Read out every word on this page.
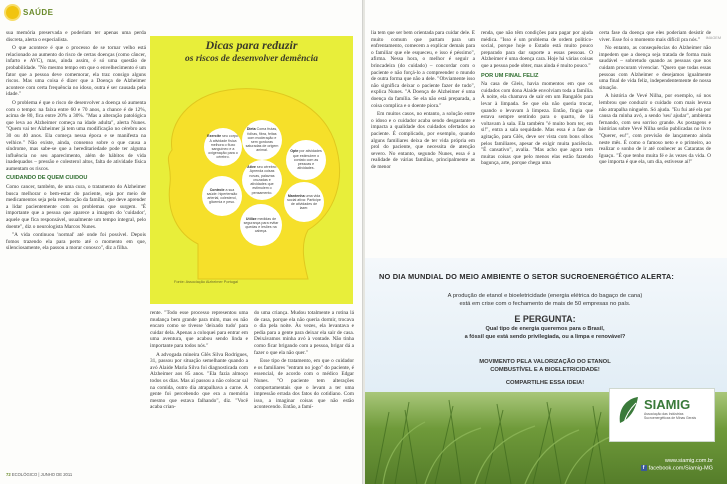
SAÚDE

sua memória preservada e poderiam ter apenas uma perda discreta, alerta o especialista.

O que acontece é que o processo de se tornar velho está relacionado ao aumento do risco de certas doenças (como câncer, infarto e AVC), mas, ainda assim, é só uma questão de probabilidade. "No mesmo tempo em que o envelhecimento é um fator que a pessoa deve comemorar, ela traz consigo alguns riscos. Mas uma coisa é dizer que a Doença de Alzheimer acontece com certa frequência no idoso, outra é ser causada pela idade."

O problema é que o risco de desenvolver a doença só aumenta com o tempo: na faixa entre 60 e 70 anos, a chance é de 12%, acima de 80, fica entre 20% a 30%. "Mas a alteração patológica que leva ao Alzheimer começa na idade adulta", alerta Nunes. "Quem vai ter Alzheimer já tem uma modificação no cérebro aos 30 ou 40 anos. Ela começa nessa época e se manifesta na velhice." Não existe, ainda, consenso sobre o que causa a síndrome, mas sabe-se que a hereditariedade pode ter alguma influência no seu aparecimento, além de hábitos de vida inadequados – pressão e colesterol altos, falta de atividade física aumentam os riscos.

CUIDANDO DE QUEM CUIDOU

Como cancer, também, de uma cura, o tratamento do Alzheimer busca melhorar o bem-estar do paciente, seja por meio de medicamentos seja pela reeducação da família, que deve aprender a lidar pacientemente com os problemas que surgem. "É importante que a pessoa que aparece a imagem do 'cuidador', aquele que fica responsável, usualmente um tempo integral, pelo doente", diz o neurologista Marcos Nunes.

"A vida continuou 'normal' até onde foi possível. Depois fomos trazendo ela para perto até o momento em que, silenciosamente, ela passou a morar conosco", diz a filha.

Dicas para reduzir
os riscos de desenvolver demência
Dieta Coma frutas, folhas, fibra, feitas com moderação e sem gorduras saturadas de origem animal.
Exercite seu corpo. A atividade física melhora o fluxo sanguíneo e a oxigenação para o cérebro.
Ative seu cérebro: Aprenda coisas novas, palavras cruzadas e atividades que estimulem o pensamento.
Opte por atividades que estimulem o contato com as pessoas e atividades.
Controle a sua saúde: hipertensão arterial, colesterol, glicemia e peso.
Mantenha uma vida social ativa: Participe de atividades de lazer.
Utilize medidas de segurança para evitar quedas e lesões na cabeça.
Fonte: Associação Alzheimer Portugal

rente. "Todo esse processo representou uma mudança bem grande para mim, mas eu não encaro como se tivesse 'deixado tudo' para cuidar dela. Apenas a coloquei para entrar em uma aventura, que acabou sendo linda e importante para todos nós."

A advogada mineira Glês Silva Rodrigues, 31, passou por situação semelhante quando a avó Alaide Maria Silva foi diagnosticada com Alzheimer aos 85 anos. "Ela fazia almoço todos os dias. Mas aí passou a não colocar sal na comida, outro dia atrapalhava a carne. A gente foi percebendo que era a memória mesmo que estava falhando", diz. "Você acaba crian-

do uma criança. Mudou totalmente a rotina lá de casa, porque ela não queria dormir, trocava o dia pela noite. Às vezes, ela levantava e pedia para a gente para deixar ela sair de casa. Deixávamos minha avó à vontade. Não tinha como ficar brigando com a pessoa, brigar dá a fazer o que ela não quer."

Esse tipo de tratamento, em que o cuidador e os familiares "entram no jogo" do paciente, é essencial, de acordo com o médico Edgar Nunes. "O paciente tem alterações comportamentais que o levam a ter uma impressão errada dos fatos do cotidiano. Com isso, a imaginar coisas que não estão acontecendo. Então, a famí-

72 ECOLÓGICO | JUNHO DE 2011
IMAGEM

lia tem que ser bem orientada para cuidar dele. É muito comum que partam para um enfrentamento, comecem a explicar demais para o familiar que ele esqueceu, e isso é péssimo", afirma. Nessa hora, o melhor é seguir a brincadeira (do cuidado) – concordar com o paciente e não forçá-lo a compreender o mundo de outra forma que não a dele. "Obviamente isso não significa deixar o paciente fazer de tudo", explica Nunes. "A Doença de Alzheimer é uma doença da família. Se ela não está preparada, a coisa complica e o doente piora."

Em muitos casos, no entanto, a solução entre o idoso e o cuidador acaba sendo desgastante e impacta a qualidade dos cuidados ofertados ao paciente. É complicado, por exemplo, quando alguns familiares deixa de ter vida própria em prol do paciente, que necessita de atenção severo. No entanto, segundo Nunes, essa é a realidade de várias famílias, principalmente as de menor

renda, que não têm condições para pagar por ajuda médica. "Isso é um problema de ordem político-social, porque hoje o Estado está muito pouco preparado para dar suporte a essas pessoas. O Alzheimer é uma doença cara. Hoje há várias coisas que a pessoa pode obter, mas ainda é muito pouco."

POR UM FINAL FELIZ

Na casa de Gleis, havia momentos em que os cuidados com dona Alaide envolviam toda a família. À noite, ela chamava de sair em um Bangalôs para levar à limpada. Se que ela não queria trocar, quando o levavam à limpeza. Então, fingia que estava sempre sentindo para o quarto, de lá voltavam à sala. Ela também "é muito bom ter, em si!", entra a sala sequidade. Mas essa é a fase de agitação, para Glês, deve ser vista com bons olhos pelos familiares, apesar de exigir muita paciência. "É cansativo", avalia. "Mas acho que agora tem muitas coisas que pelo menos elas estão fazendo bagunça, arte, porque chega uma

certa fase da doença que eles poderiam desistir de viver. Esse foi o momento mais difícil pra nós."

No entanto, as consequências do Alzheimer não impedem que a doença seja tratada de forma mais saudável – sobretudo quando as pessoas que nos cuidam procuram vivenciar. "Quero que todas essas pessoas com Alzheimer e desejamos igualmente uma final de vida feliz, independentemente de nossa situação.

A história de Vevé Nilha, por exemplo, só nos lembrou que conduzir o cuidado com mais leveza não atrapalha ninguém. Só ajuda. "Eu fui até ela por causa da minha avó, a sendo 'seu' ajudar", ambienta fernando, com seu sorriso grande. As postagens e histórias sobre Vevé Nilha serão publicadas no livro "Querer, eu!", com previsão de lançamento ainda neste mês. É como o famoso neto e o primeiro, ao realizar o sonho de ir até conhecer as Cataratas de Iguaçu. "É que tenho muita fé e às vezes da vida. O que importa é que ela, um dia, estivesse aí!"

NO DIA MUNDIAL DO MEIO AMBIENTE O SETOR SUCROENERGÉTICO ALERTA:
A produção de etanol e bioeletricidade (energia elétrica do bagaço de cana)
está em crise com o fechamento de mais de 50 empresas no país.
E PERGUNTA:
Qual tipo de energia queremos para o Brasil,
a fóssil que está sendo privilegiada, ou a limpa e renovável?
MOVIMENTO PELA VALORIZAÇÃO DO ETANOL
COMBUSTÍVEL E A BIOELETRICIDADE!
COMPARTILHE ESSA IDEIA!
SIAMIG
Associação das Indústrias Sucroenergéticas de Minas Gerais
www.siamig.com.br
f facebook.com/Siamig-MG
